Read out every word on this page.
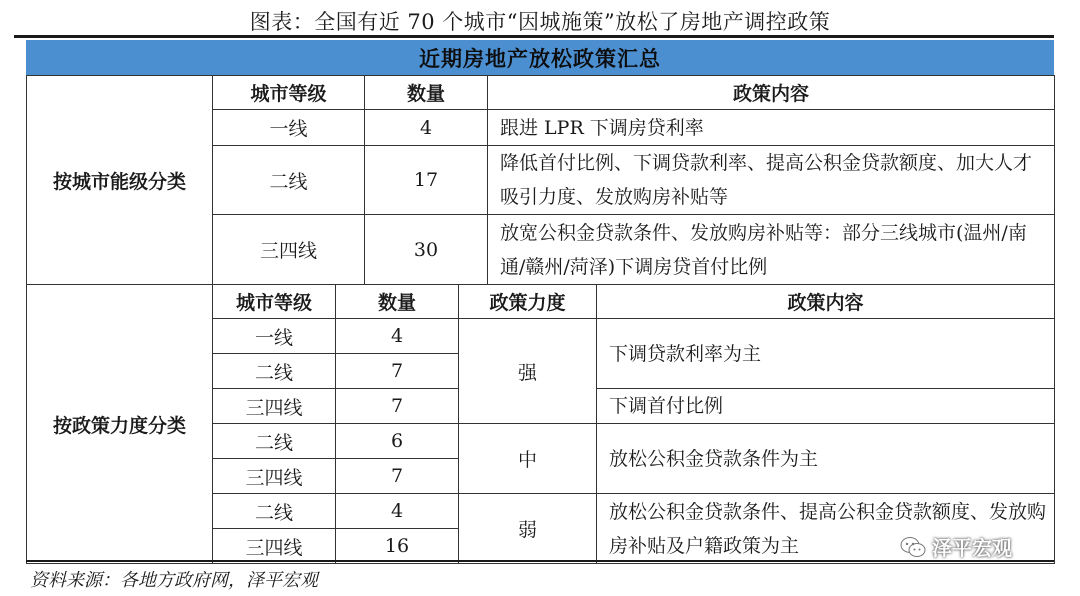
图表：全国有近 70 个城市“因城施策”放松了房地产调控政策
近期房地产放松政策汇总
按城市能级分类	城市等级	数量	政策内容
	一线	4	跟进 LPR 下调房贷利率
	二线	17	降低首付比例、下调贷款利率、提高公积金贷款额度、加大人才吸引力度、发放购房补贴等
	三四线	30	放宽公积金贷款条件、发放购房补贴等：部分三线城市(温州/南通/赣州/菏泽)下调房贷首付比例
按政策力度分类	城市等级	数量	政策力度	政策内容
	一线	4	强	下调贷款利率为主
	二线	7		
	三四线	7		下调首付比例
	二线	6	中	放松公积金贷款条件为主
	三四线	7		
	二线	4	弱	放松公积金贷款条件、提高公积金贷款额度、发放购房补贴及户籍政策为主
	三四线	16		
资料来源：各地方政府网，泽平宏观
泽平宏观
